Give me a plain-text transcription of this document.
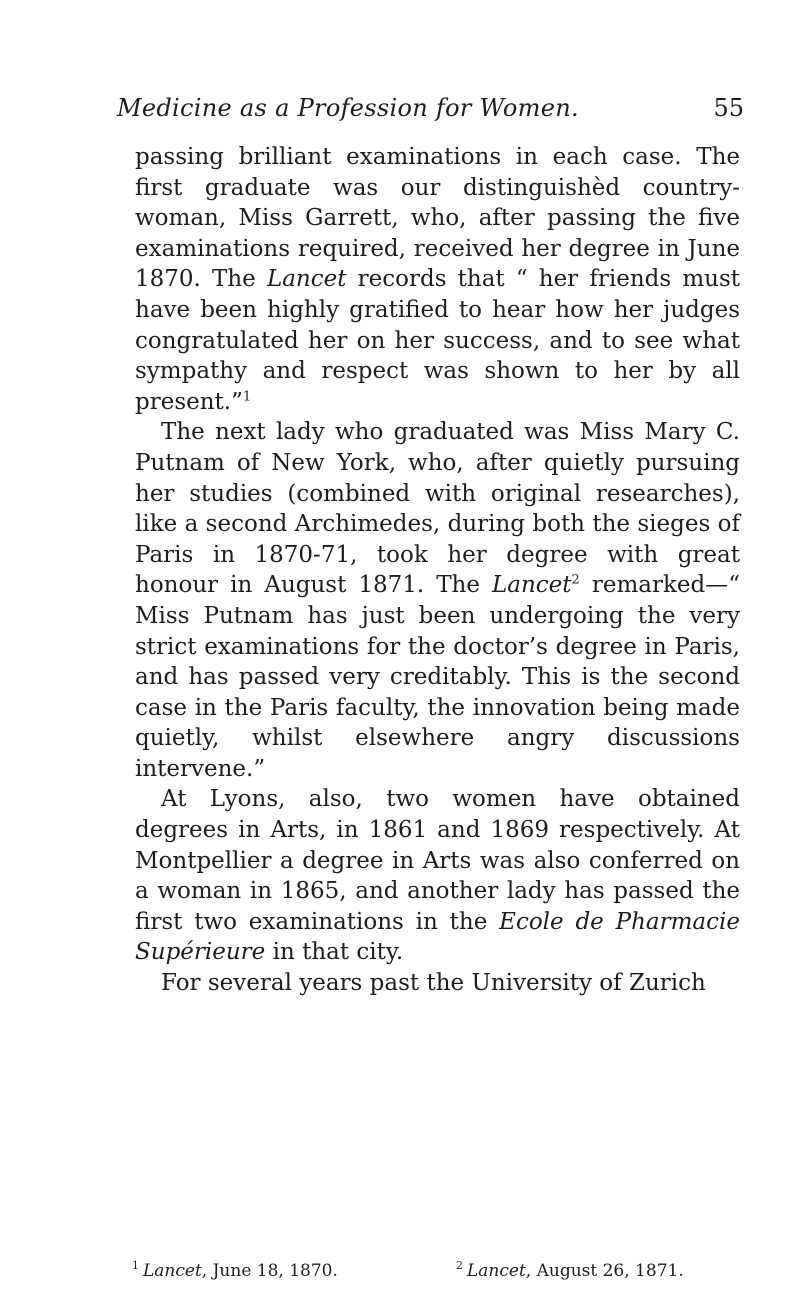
Medicine as a Profession for Women.	55

passing brilliant examinations in each case. The first graduate was our distinguishèd country-woman, Miss Garrett, who, after passing the five examinations required, received her degree in June 1870. The Lancet records that “ her friends must have been highly gratified to hear how her judges congratulated her on her success, and to see what sympathy and respect was shown to her by all present.”$^1$

The next lady who graduated was Miss Mary C. Putnam of New York, who, after quietly pursuing her studies (combined with original researches), like a second Archimedes, during both the sieges of Paris in 1870-71, took her degree with great honour in August 1871. The Lancet$^2$ remarked—“ Miss Putnam has just been undergoing the very strict examinations for the doctor’s degree in Paris, and has passed very creditably. This is the second case in the Paris faculty, the innovation being made quietly, whilst elsewhere angry discussions intervene.”

At Lyons, also, two women have obtained degrees in Arts, in 1861 and 1869 respectively. At Montpellier a degree in Arts was also conferred on a woman in 1865, and another lady has passed the first two examinations in the Ecole de Pharmacie Supérieure in that city.

For several years past the University of Zurich

$^1$ Lancet, June 18, 1870.	$^2$ Lancet, August 26, 1871.
